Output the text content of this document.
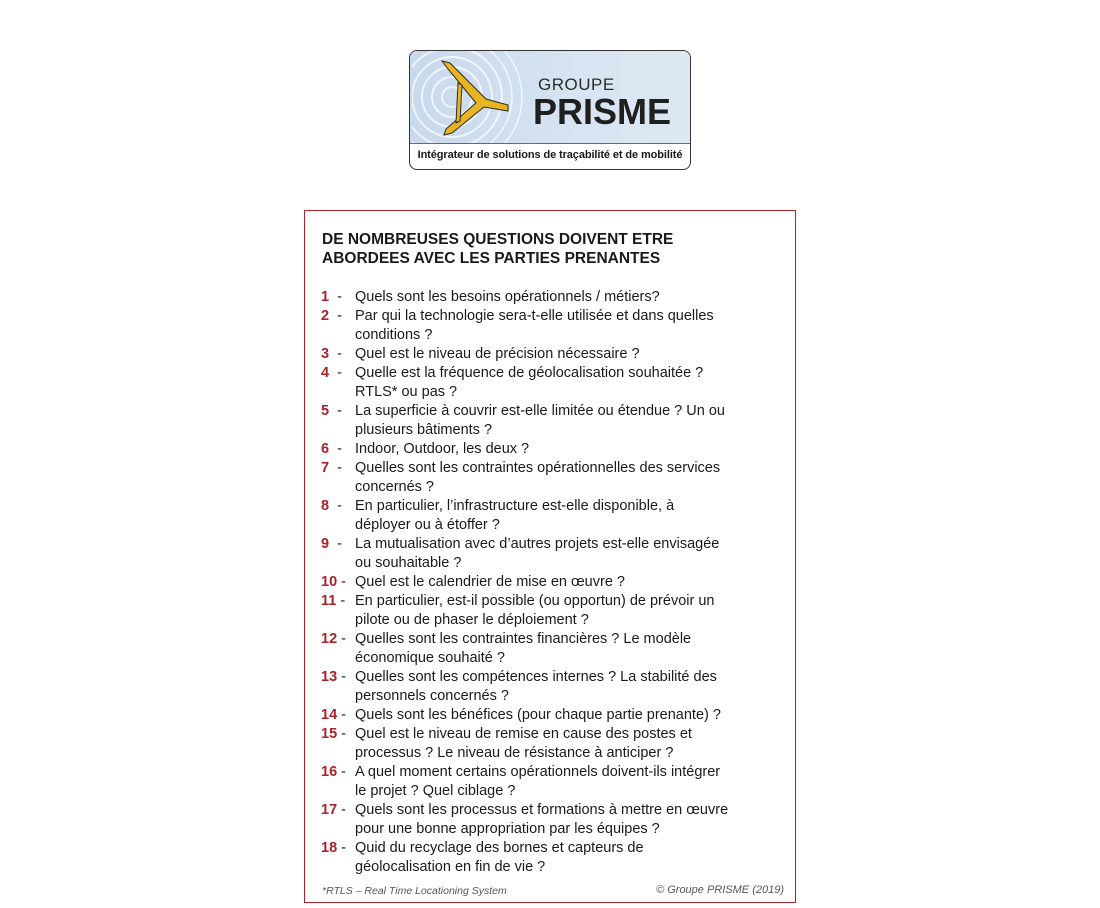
GROUPE
PRISME
Intégrateur de solutions de traçabilité et de mobilité
DE NOMBREUSES QUESTIONS DOIVENT ETRE
ABORDEES AVEC LES PARTIES PRENANTES
1  - Quels sont les besoins opérationnels / métiers?
2  - Par qui la technologie sera-t-elle utilisée et dans quelles
conditions ?
3  - Quel est le niveau de précision nécessaire ?
4  - Quelle est la fréquence de géolocalisation souhaitée ?
RTLS* ou pas ?
5  - La superficie à couvrir est-elle limitée ou étendue ? Un ou
plusieurs bâtiments ?
6  - Indoor, Outdoor, les deux ?
7  - Quelles sont les contraintes opérationnelles des services
concernés ?
8  - En particulier, l’infrastructure est-elle disponible, à
déployer ou à étoffer ?
9  - La mutualisation avec d’autres projets est-elle envisagée
ou souhaitable ?
10 - Quel est le calendrier de mise en œuvre ?
11 - En particulier, est-il possible (ou opportun) de prévoir un
pilote ou de phaser le déploiement ?
12 - Quelles sont les contraintes financières ? Le modèle
économique souhaité ?
13 - Quelles sont les compétences internes ? La stabilité des
personnels concernés ?
14 - Quels sont les bénéfices (pour chaque partie prenante) ?
15 - Quel est le niveau de remise en cause des postes et
processus ? Le niveau de résistance à anticiper ?
16 - A quel moment certains opérationnels doivent-ils intégrer
le projet ? Quel ciblage ?
17 - Quels sont les processus et formations à mettre en œuvre
pour une bonne appropriation par les équipes ?
18 - Quid du recyclage des bornes et capteurs de
géolocalisation en fin de vie ?
*RTLS – Real Time Locationing System	© Groupe PRISME (2019)
